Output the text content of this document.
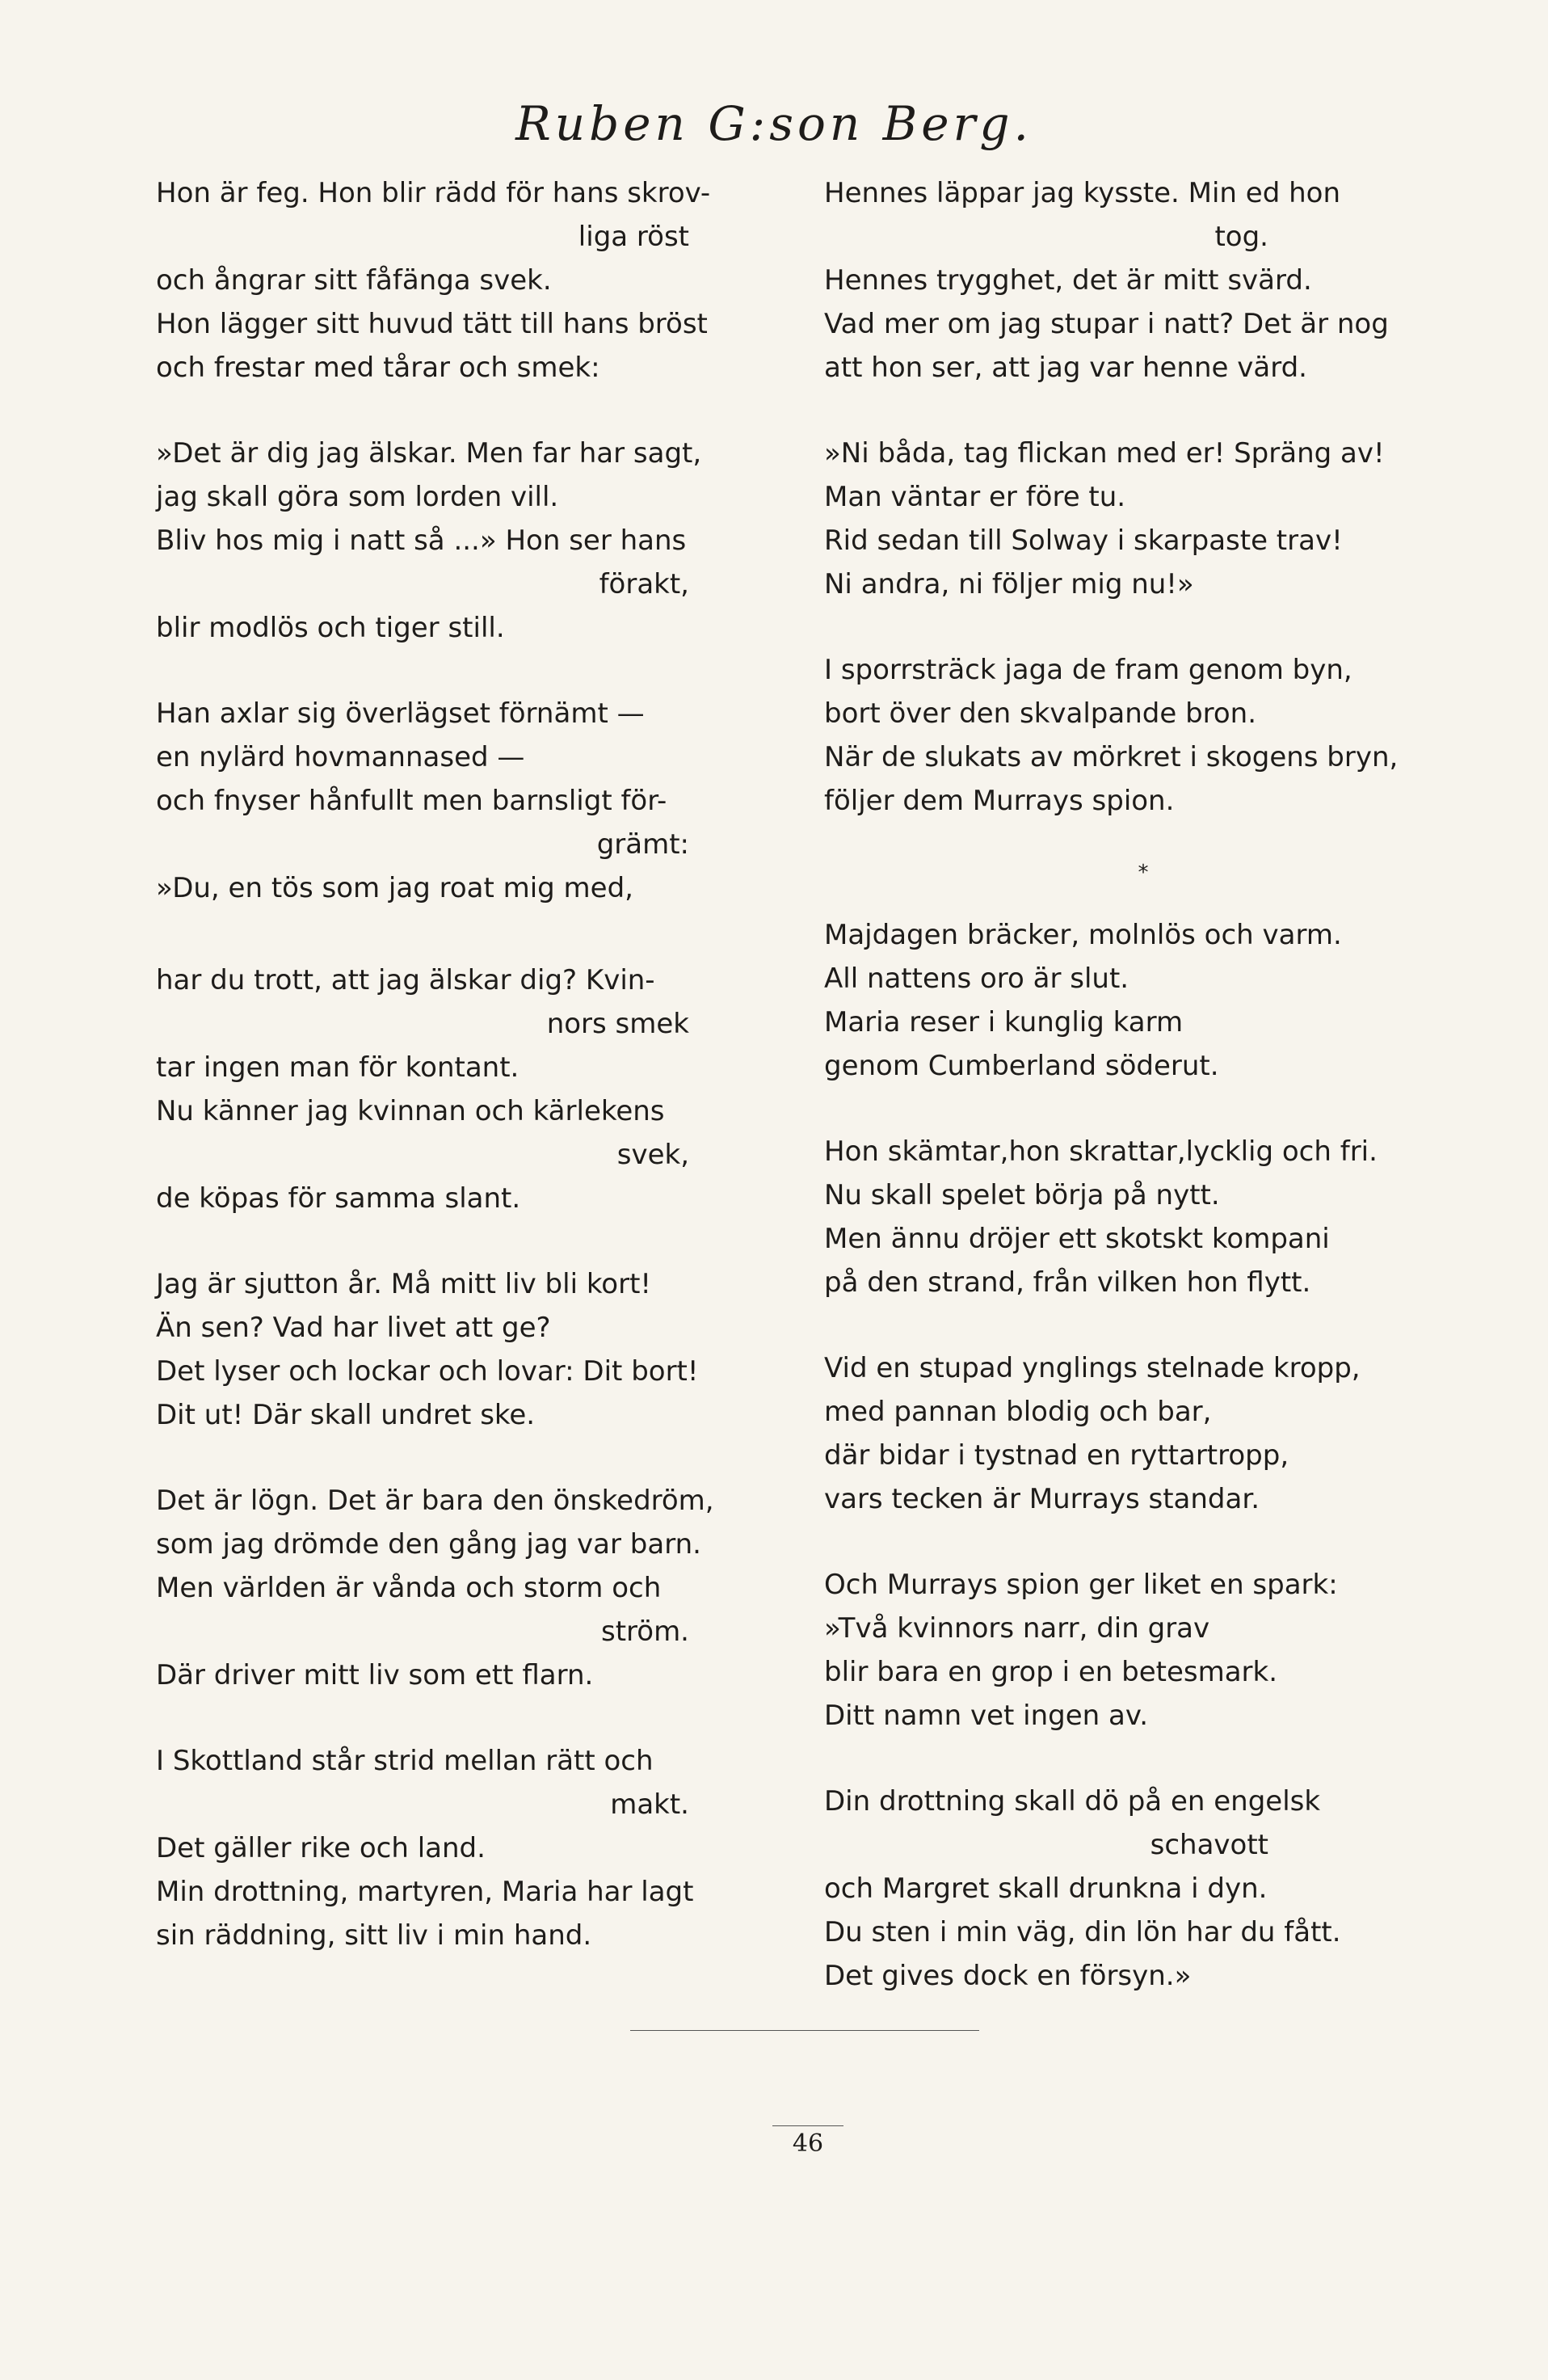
Ruben G:son Berg.
Hon är feg. Hon blir rädd för hans skrov-
liga röst
och ångrar sitt fåfänga svek.
Hon lägger sitt huvud tätt till hans bröst
och frestar med tårar och smek:
»Det är dig jag älskar. Men far har sagt,
jag skall göra som lorden vill.
Bliv hos mig i natt så ...» Hon ser hans
förakt,
blir modlös och tiger still.
Han axlar sig överlägset förnämt —
en nylärd hovmannased —
och fnyser hånfullt men barnsligt för-
grämt:
»Du, en tös som jag roat mig med,
har du trott, att jag älskar dig? Kvin-
nors smek
tar ingen man för kontant.
Nu känner jag kvinnan och kärlekens
svek,
de köpas för samma slant.
Jag är sjutton år. Må mitt liv bli kort!
Än sen? Vad har livet att ge?
Det lyser och lockar och lovar: Dit bort!
Dit ut! Där skall undret ske.
Det är lögn. Det är bara den önskedröm,
som jag drömde den gång jag var barn.
Men världen är vånda och storm och
ström.
Där driver mitt liv som ett flarn.
I Skottland står strid mellan rätt och
makt.
Det gäller rike och land.
Min drottning, martyren, Maria har lagt
sin räddning, sitt liv i min hand.
Hennes läppar jag kysste. Min ed hon
tog.
Hennes trygghet, det är mitt svärd.
Vad mer om jag stupar i natt? Det är nog
att hon ser, att jag var henne värd.
»Ni båda, tag flickan med er! Spräng av!
Man väntar er före tu.
Rid sedan till Solway i skarpaste trav!
Ni andra, ni följer mig nu!»
I sporrsträck jaga de fram genom byn,
bort över den skvalpande bron.
När de slukats av mörkret i skogens bryn,
följer dem Murrays spion.
*
Majdagen bräcker, molnlös och varm.
All nattens oro är slut.
Maria reser i kunglig karm
genom Cumberland söderut.
Hon skämtar,hon skrattar,lycklig och fri.
Nu skall spelet börja på nytt.
Men ännu dröjer ett skotskt kompani
på den strand, från vilken hon flytt.
Vid en stupad ynglings stelnade kropp,
med pannan blodig och bar,
där bidar i tystnad en ryttartropp,
vars tecken är Murrays standar.
Och Murrays spion ger liket en spark:
»Två kvinnors narr, din grav
blir bara en grop i en betesmark.
Ditt namn vet ingen av.
Din drottning skall dö på en engelsk
schavott
och Margret skall drunkna i dyn.
Du sten i min väg, din lön har du fått.
Det gives dock en försyn.»
46
